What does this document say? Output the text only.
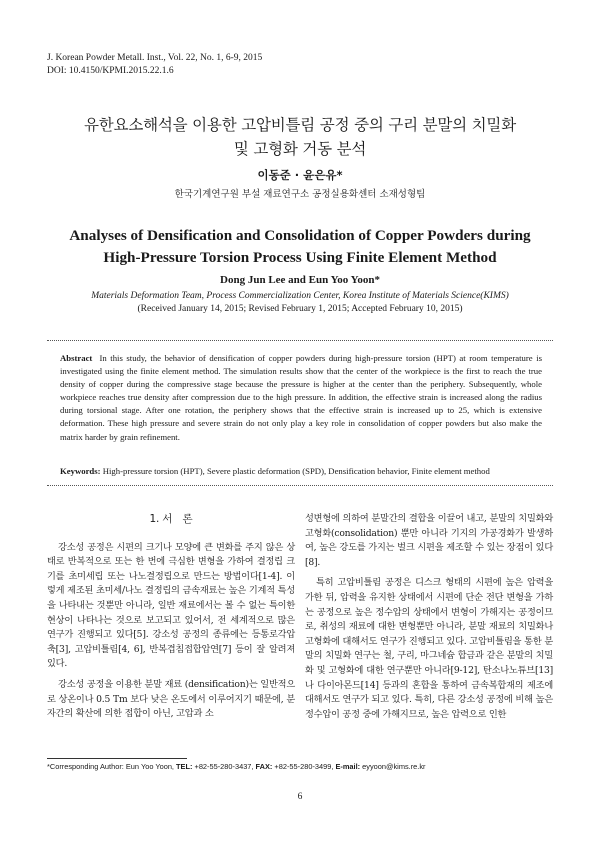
J. Korean Powder Metall. Inst., Vol. 22, No. 1, 6-9, 2015
DOI: 10.4150/KPMI.2015.22.1.6
유한요소해석을 이용한 고압비틀림 공정 중의 구리 분말의 치밀화
및 고형화 거동 분석
이동준 · 윤은유*
한국기계연구원 부설 재료연구소 공정실용화센터 소재성형팀
Analyses of Densification and Consolidation of Copper Powders during
High-Pressure Torsion Process Using Finite Element Method
Dong Jun Lee and Eun Yoo Yoon*
Materials Deformation Team, Process Commercialization Center, Korea Institute of Materials Science(KIMS)
(Received January 14, 2015; Revised February 1, 2015; Accepted February 10, 2015)
Abstract In this study, the behavior of densification of copper powders during high-pressure torsion (HPT) at room temperature is investigated using the finite element method. The simulation results show that the center of the workpiece is the first to reach the true density of copper during the compressive stage because the pressure is higher at the center than the periphery. Subsequently, whole workpiece reaches true density after compression due to the high pressure. In addition, the effective strain is increased along the radius during torsional stage. After one rotation, the periphery shows that the effective strain is increased up to 25, which is extensive deformation. These high pressure and severe strain do not only play a key role in consolidation of copper powders but also make the matrix harder by grain refinement.
Keywords: High-pressure torsion (HPT), Severe plastic deformation (SPD), Densification behavior, Finite element method
1. 서　론

강소성 공정은 시편의 크기나 모양에 큰 변화를 주지 않은 상태로 반복적으로 또는 한 번에 극심한 변형을 가하여 결정립 크기를 초미세립 또는 나노결정립으로 만드는 방법이다[1-4]. 이렇게 제조된 초미세/나노 결정립의 금속재료는 높은 기계적 특성을 나타내는 것뿐만 아니라, 일반 재료에서는 볼 수 없는 특이한 현상이 나타나는 것으로 보고되고 있어서, 전 세계적으로 많은 연구가 진행되고 있다[5]. 강소성 공정의 종류에는 등통로각압축[3], 고압비틀림[4, 6], 반복겹침접합압연[7] 등이 잘 알려져 있다.

강소성 공정을 이용한 분말 재료 (densification)는 일반적으로 상온이나 0.5 Tm 보다 낮은 온도에서 이루어지기 때문에, 분자간의 확산에 의한 접합이 아닌, 고압과 소

성변형에 의하여 분말간의 결합을 이끌어 내고, 분말의 치밀화와 고형화(consolidation) 뿐만 아니라 기지의 가공경화가 발생하여, 높은 강도를 가지는 벌크 시편을 제조할 수 있는 장점이 있다[8].

특히 고압비틀림 공정은 디스크 형태의 시편에 높은 압력을 가한 뒤, 압력을 유지한 상태에서 시편에 단순 전단 변형을 가하는 공정으로 높은 정수압의 상태에서 변형이 가해지는 공정이므로, 취성의 재료에 대한 변형뿐만 아니라, 분말 재료의 치밀화나 고형화에 대해서도 연구가 진행되고 있다. 고압비틀림을 통한 분말의 치밀화 연구는 철, 구리, 마그네슘 합금과 같은 분말의 치밀화 및 고형화에 대한 연구뿐만 아니라[9-12], 탄소나노튜브[13]나 다이아몬드[14] 등과의 혼합을 통하여 금속복합재의 제조에 대해서도 연구가 되고 있다. 특히, 다른 강소성 공정에 비해 높은 정수압이 공정 중에 가해지므로, 높은 압력으로 인한

*Corresponding Author: Eun Yoo Yoon, TEL: +82-55-280-3437, FAX: +82-55-280-3499, E-mail: eyyoon@kims.re.kr
6
